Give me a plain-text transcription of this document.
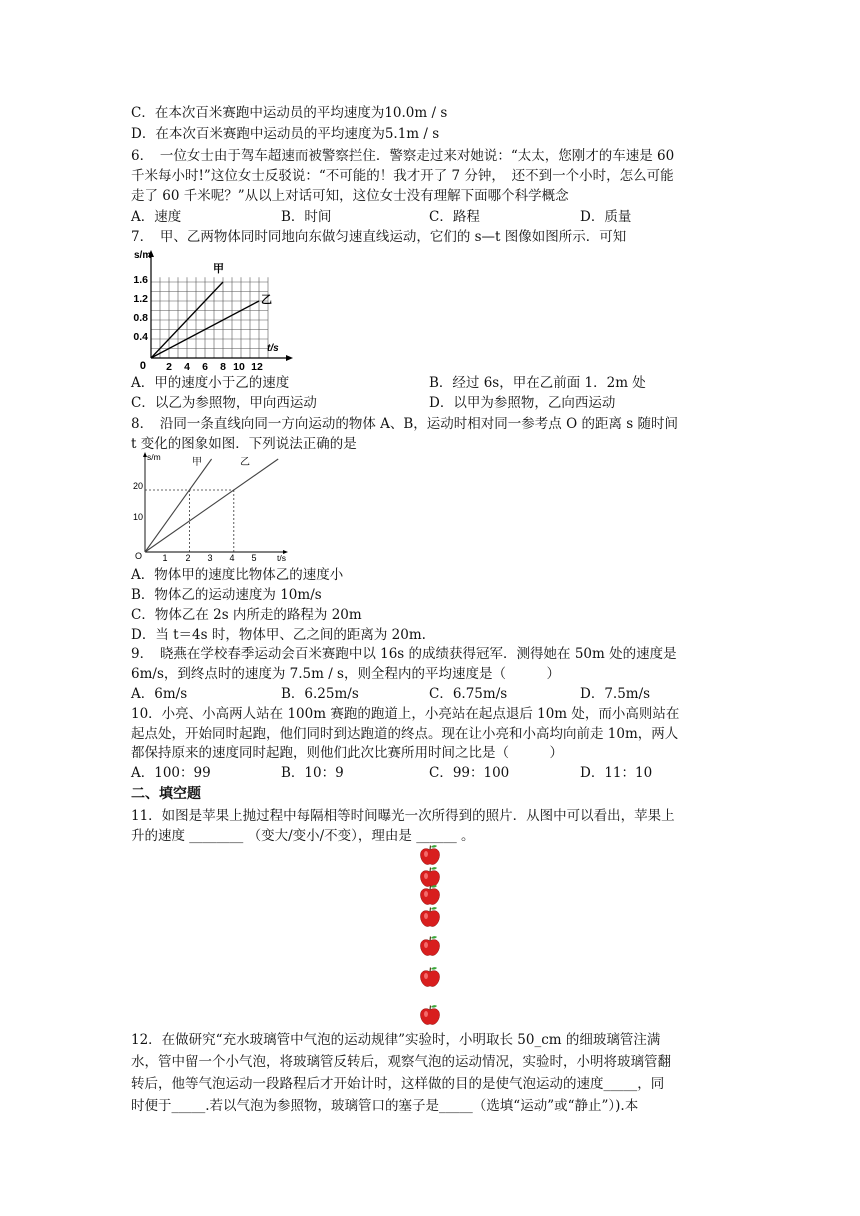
C．在本次百米赛跑中运动员的平均速度为10.0m / s
D．在本次百米赛跑中运动员的平均速度为5.1m / s
6．　一位女士由于驾车超速而被警察拦住．警察走过来对她说：“太太，您刚才的车速是 60
千米每小时!”这位女士反驳说：“不可能的！我才开了 7 分钟，　还不到一个小时，怎么可能
走了 60 千米呢？”从以上对话可知，这位女士没有理解下面哪个科学概念
A．速度	B．时间	C．路程	D．质量
7．　甲、乙两物体同时同地向东做匀速直线运动，它们的 s—t 图像如图所示．可知
s/m
t/s
0
1.6
1.2
0.8
0.4
2 4 6 8 10 12
甲
乙
A．甲的速度小于乙的速度	B．经过 6s，甲在乙前面 1．2m 处
C．以乙为参照物，甲向西运动	D．以甲为参照物，乙向西运动
8．　沿同一条直线向同一方向运动的物体 A、B，运动时相对同一参考点 O 的距离 s 随时间
t 变化的图象如图．下列说法正确的是
s/m
t/s
O
20
10
1 2 3 4 5
甲	乙
A．物体甲的速度比物体乙的速度小
B．物体乙的运动速度为 10m/s
C．物体乙在 2s 内所走的路程为 20m
D．当 t＝4s 时，物体甲、乙之间的距离为 20m.
9．　晓燕在学校春季运动会百米赛跑中以 16s 的成绩获得冠军．测得她在 50m 处的速度是
6m/s，到终点时的速度为 7.5m / s，则全程内的平均速度是（　　　）
A．6m/s	B．6.25m/s	C．6.75m/s	D．7.5m/s
10．小亮、小高两人站在 100m 赛跑的跑道上，小亮站在起点退后 10m 处，而小高则站在
起点处，开始同时起跑，他们同时到达跑道的终点。现在让小亮和小高均向前走 10m，两人
都保持原来的速度同时起跑，则他们此次比赛所用时间之比是（　　　）
A．100：99	B．10：9	C．99：100	D．11：10
二、填空题
11．如图是苹果上抛过程中每隔相等时间曝光一次所得到的照片．从图中可以看出，苹果上
升的速度 ________ （变大/变小/不变），理由是 ______ 。
12．在做研究“充水玻璃管中气泡的运动规律”实验时，小明取长 50_cm 的细玻璃管注满
水，管中留一个小气泡，将玻璃管反转后，观察气泡的运动情况，实验时，小明将玻璃管翻
转后，他等气泡运动一段路程后才开始计时，这样做的目的是使气泡运动的速度_____，同
时便于_____.若以气泡为参照物，玻璃管口的塞子是_____（选填“运动”或“静止”）).本
